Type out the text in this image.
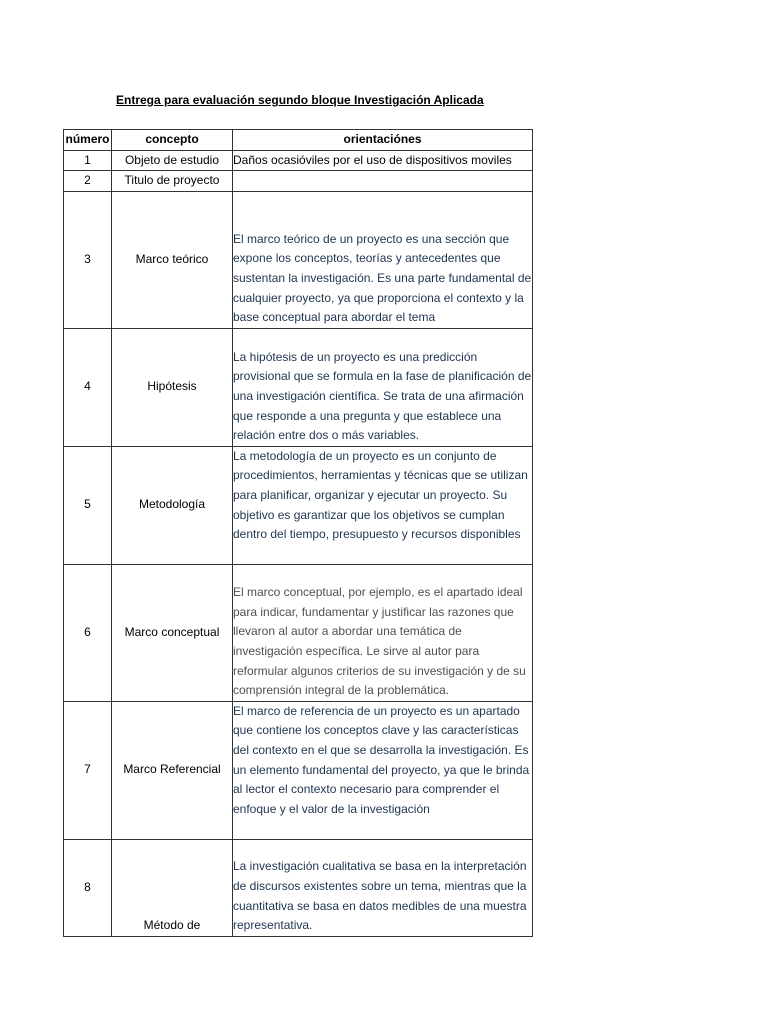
Entrega para evaluación segundo bloque Investigación Aplicada
número	concepto	orientaciónes
1	Objeto de estudio	Daños ocasióviles por el uso de dispositivos moviles
2	Titulo de proyecto	
3	Marco teórico	El marco teórico de un proyecto es una sección que expone los conceptos, teorías y antecedentes que sustentan la investigación. Es una parte fundamental de cualquier proyecto, ya que proporciona el contexto y la base conceptual para abordar el tema
4	Hipótesis	La hipótesis de un proyecto es una predicción provisional que se formula en la fase de planificación de una investigación científica. Se trata de una afirmación que responde a una pregunta y que establece una relación entre dos o más variables.
5	Metodología	La metodología de un proyecto es un conjunto de procedimientos, herramientas y técnicas que se utilizan para planificar, organizar y ejecutar un proyecto. Su objetivo es garantizar que los objetivos se cumplan dentro del tiempo, presupuesto y recursos disponibles
6	Marco conceptual	El marco conceptual, por ejemplo, es el apartado ideal para indicar, fundamentar y justificar las razones que llevaron al autor a abordar una temática de investigación específica. Le sirve al autor para reformular algunos criterios de su investigación y de su comprensión integral de la problemática.
7	Marco Referencial	El marco de referencia de un proyecto es un apartado que contiene los conceptos clave y las características del contexto en el que se desarrolla la investigación. Es un elemento fundamental del proyecto, ya que le brinda al lector el contexto necesario para comprender el enfoque y el valor de la investigación
8	Método de	La investigación cualitativa se basa en la interpretación de discursos existentes sobre un tema, mientras que la cuantitativa se basa en datos medibles de una muestra representativa.
